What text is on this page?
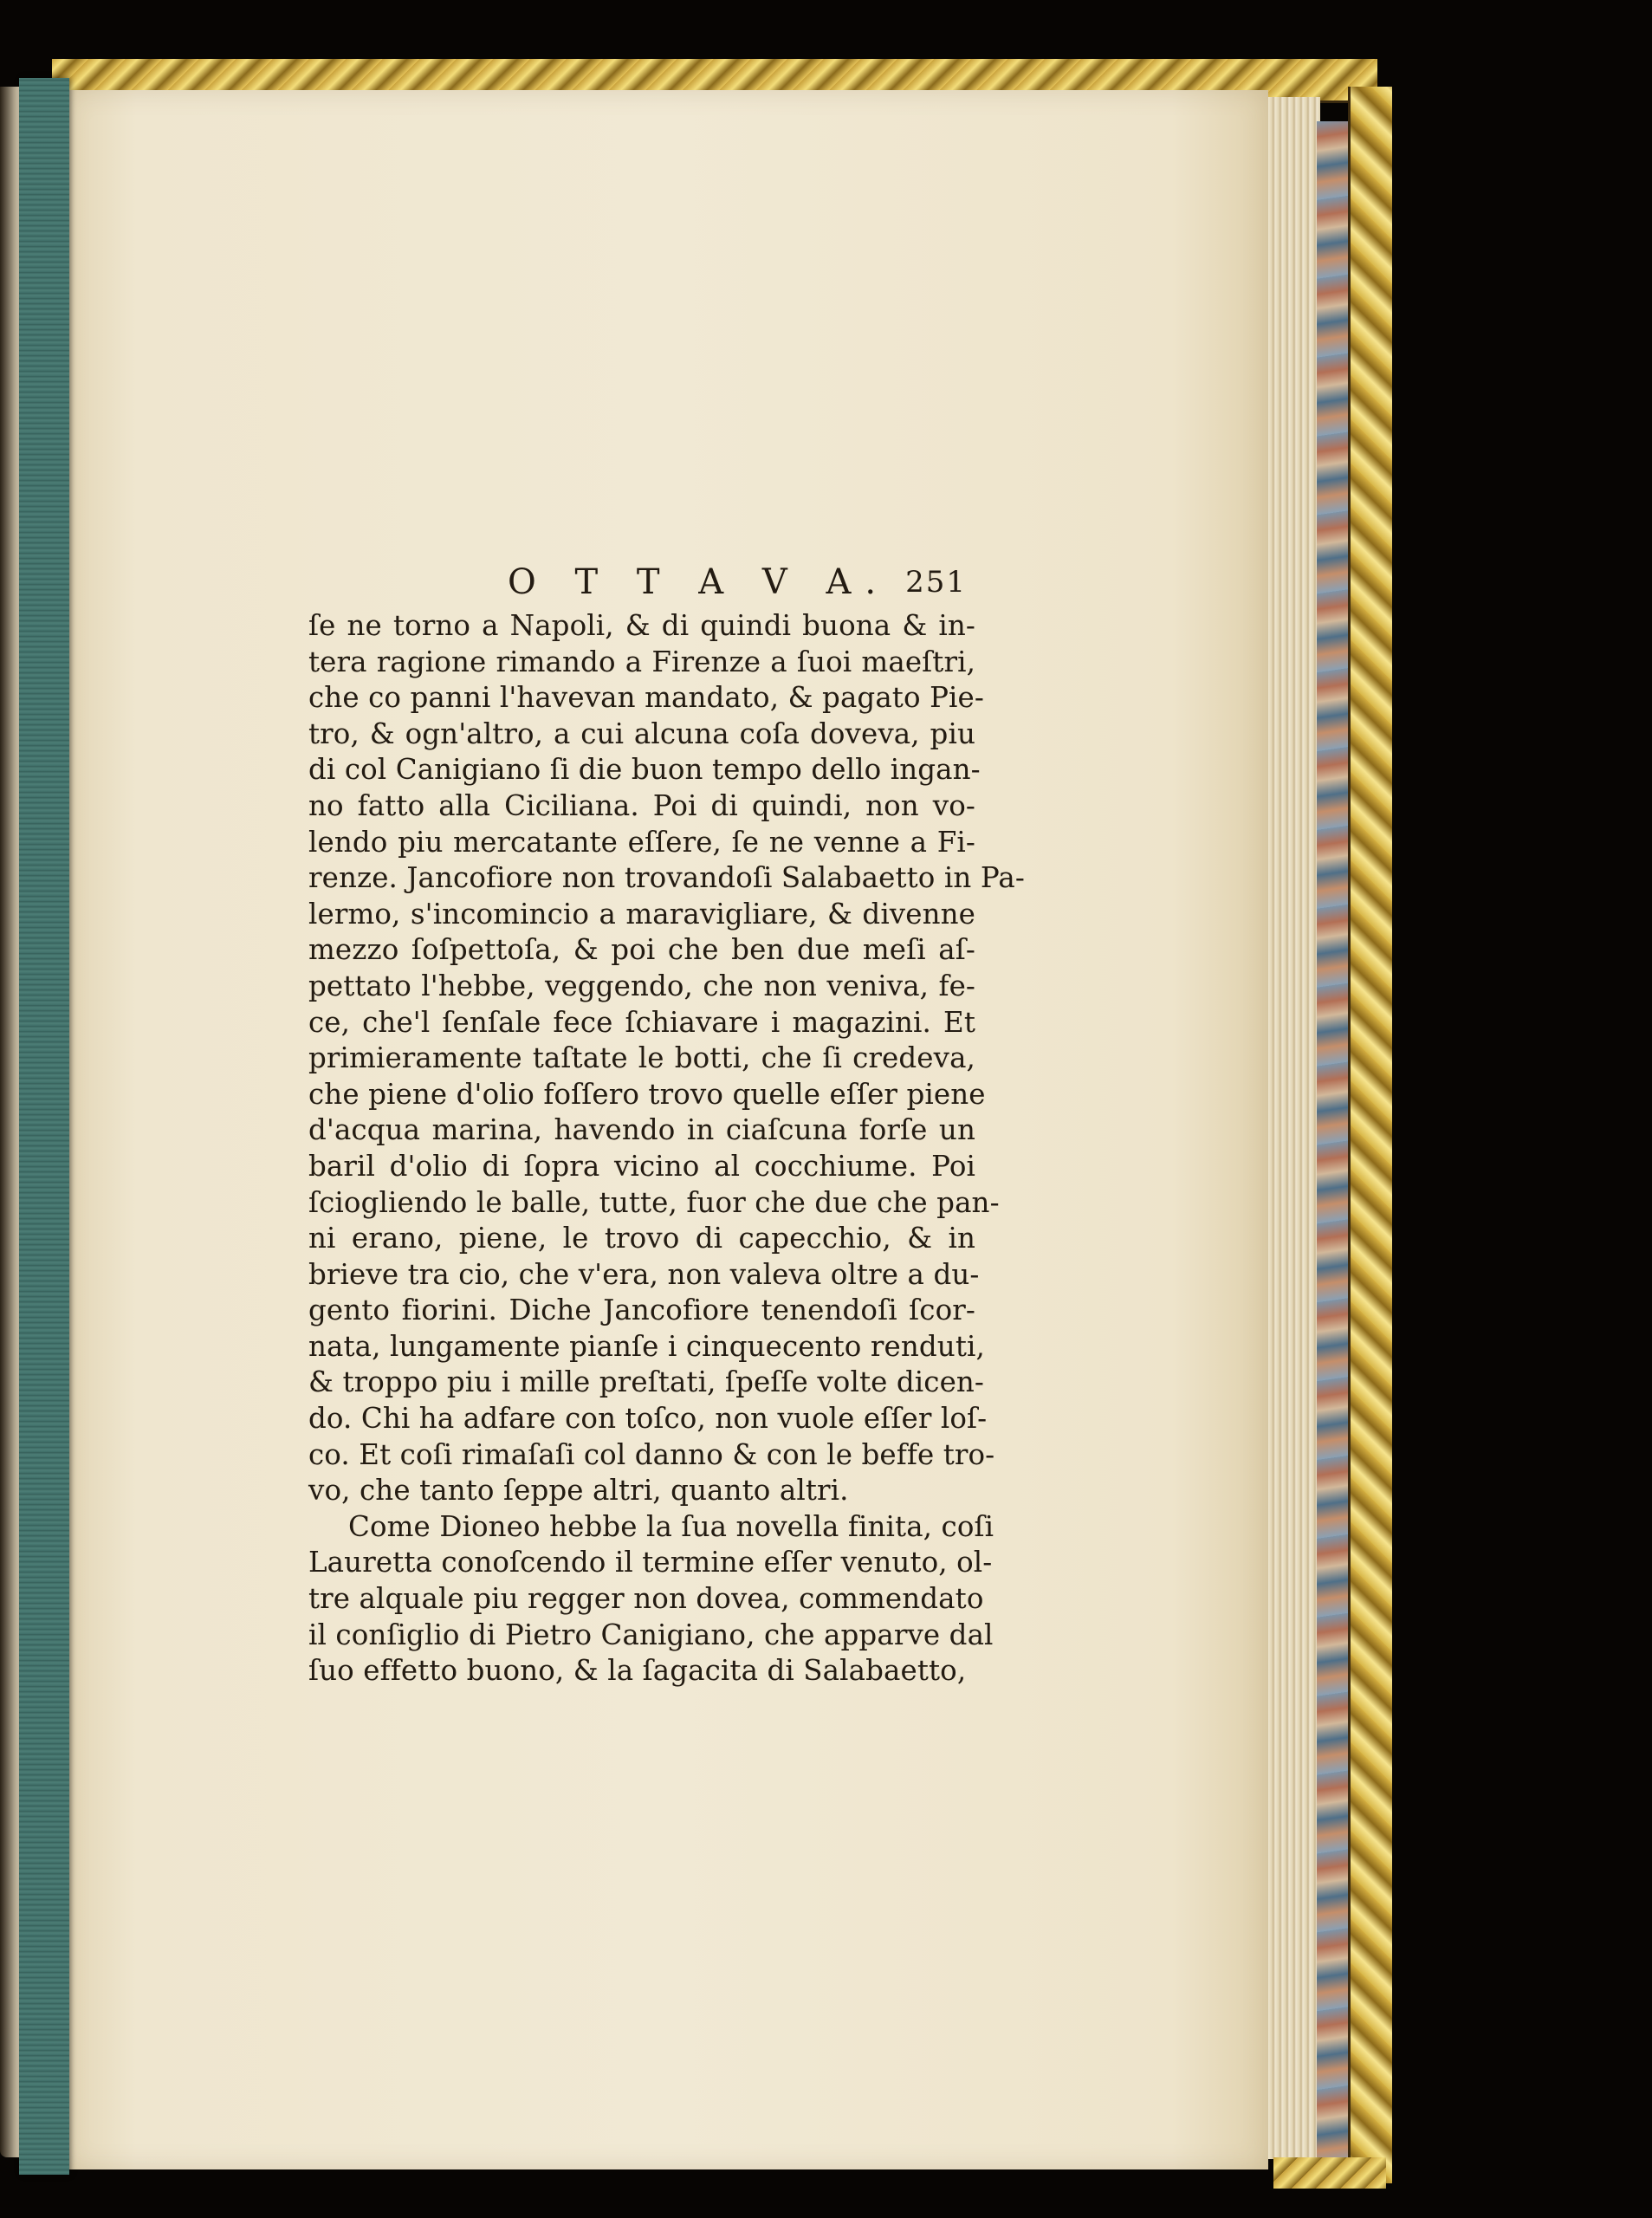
O T T A V A. 251
ſe ne torno a Napoli, & di quindi buona & in-
tera ragione rimando a Firenze a ſuoi maeſtri,
che co panni l'havevan mandato, & pagato Pie-
tro, & ogn'altro, a cui alcuna coſa doveva, piu
di col Canigiano ſi die buon tempo dello ingan-
no fatto alla Ciciliana. Poi di quindi, non vo-
lendo piu mercatante eſſere, ſe ne venne a Fi-
renze. Jancofiore non trovandoſi Salabaetto in Pa-
lermo, s'incomincio a maravigliare, & divenne
mezzo ſoſpettoſa, & poi che ben due meſi aſ-
pettato l'hebbe, veggendo, che non veniva, fe-
ce, che'l ſenſale fece ſchiavare i magazini. Et
primieramente taſtate le botti, che ſi credeva,
che piene d'olio foſſero trovo quelle eſſer piene
d'acqua marina, havendo in ciaſcuna forſe un
baril d'olio di ſopra vicino al cocchiume. Poi
ſciogliendo le balle, tutte, fuor che due che pan-
ni erano, piene, le trovo di capecchio, & in
brieve tra cio, che v'era, non valeva oltre a du-
gento fiorini. Diche Jancofiore tenendoſi ſcor-
nata, lungamente pianſe i cinquecento renduti,
& troppo piu i mille preſtati, ſpeſſe volte dicen-
do. Chi ha adfare con toſco, non vuole eſſer loſ-
co. Et coſi rimaſaſi col danno & con le beffe tro-
vo, che tanto ſeppe altri, quanto altri.
Come Dioneo hebbe la ſua novella finita, coſi
Lauretta conoſcendo il termine eſſer venuto, ol-
tre alquale piu regger non dovea, commendato
il conſiglio di Pietro Canigiano, che apparve dal
ſuo effetto buono, & la ſagacita di Salabaetto,
